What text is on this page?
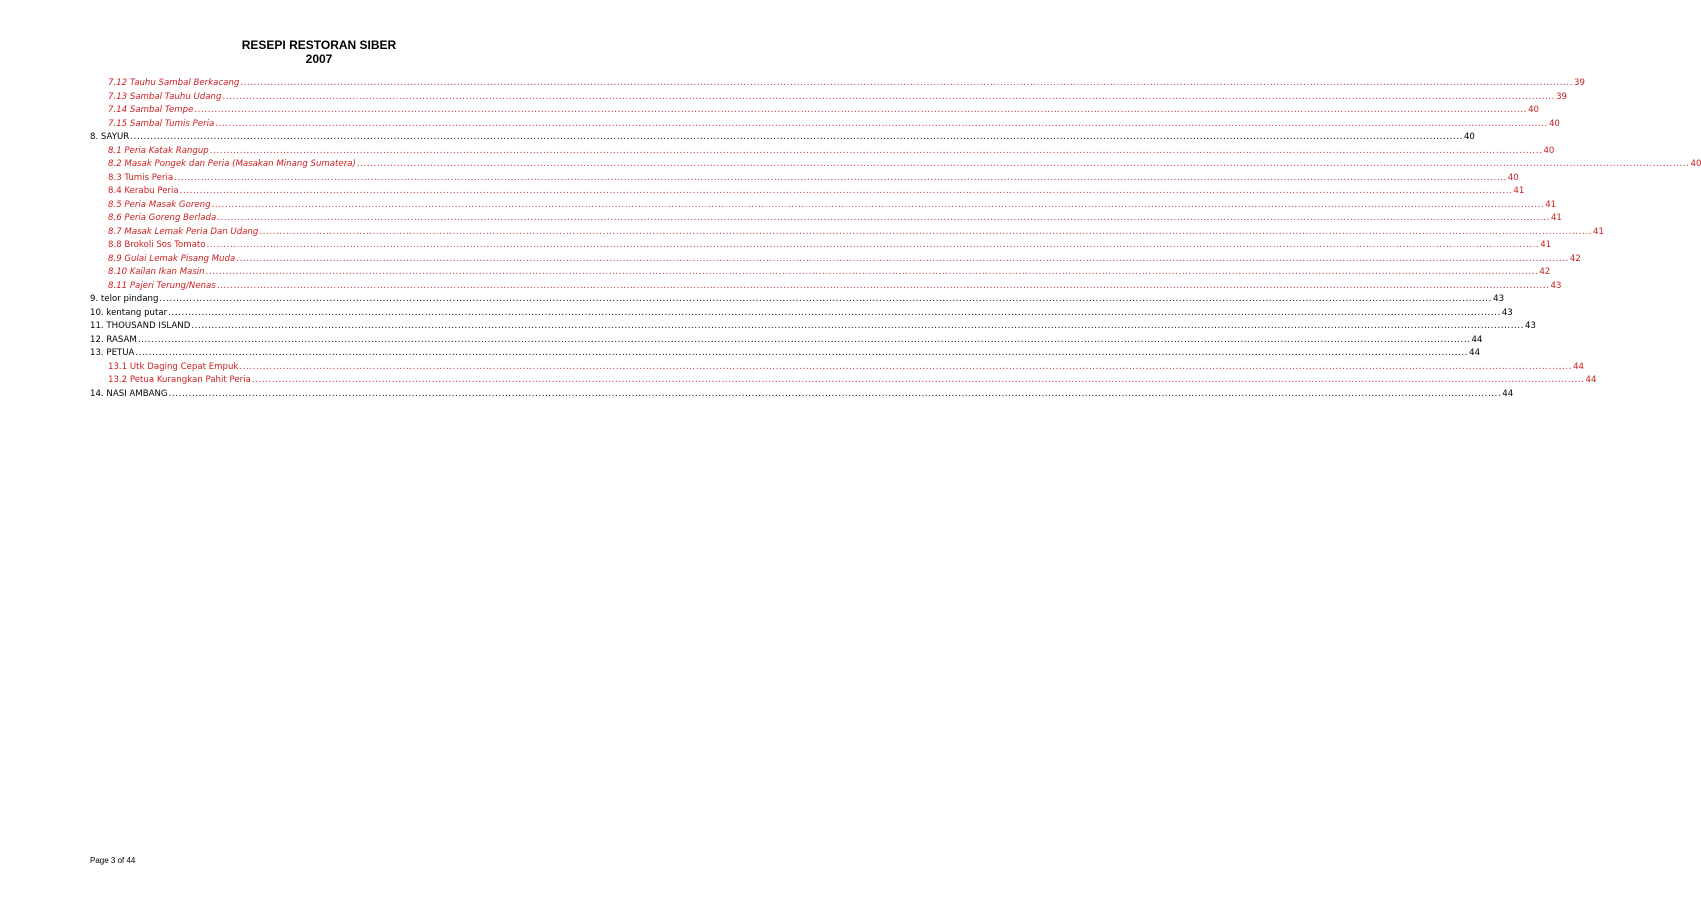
RESEPI RESTORAN SIBER
2007
7.12 Tauhu Sambal Berkacang ................................................................................................................................................................................................................................................................................................................................................................................................................ 39
7.13 Sambal Tauhu Udang ................................................................................................................................................................................................................................................................................................................................................................................................................ 39
7.14 Sambal Tempe ................................................................................................................................................................................................................................................................................................................................................................................................................ 40
7.15 Sambal Tumis Peria ................................................................................................................................................................................................................................................................................................................................................................................................................ 40
8. SAYUR ................................................................................................................................................................................................................................................................................................................................................................................................................ 40
8.1 Peria Katak Rangup ................................................................................................................................................................................................................................................................................................................................................................................................................ 40
8.2 Masak Pongek dan Peria (Masakan Minang Sumatera) ................................................................................................................................................................................................................................................................................................................................................................................................................ 40
8.3 Tumis Peria ................................................................................................................................................................................................................................................................................................................................................................................................................ 40
8.4 Kerabu Peria ................................................................................................................................................................................................................................................................................................................................................................................................................ 41
8.5 Peria Masak Goreng ................................................................................................................................................................................................................................................................................................................................................................................................................ 41
8.6 Peria Goreng Berlada ................................................................................................................................................................................................................................................................................................................................................................................................................ 41
8.7 Masak Lemak Peria Dan Udang ................................................................................................................................................................................................................................................................................................................................................................................................................ 41
8.8 Brokoli Sos Tomato ................................................................................................................................................................................................................................................................................................................................................................................................................ 41
8.9 Gulai Lemak Pisang Muda ................................................................................................................................................................................................................................................................................................................................................................................................................ 42
8.10 Kailan Ikan Masin ................................................................................................................................................................................................................................................................................................................................................................................................................ 42
8.11 Pajeri Terung/Nenas ................................................................................................................................................................................................................................................................................................................................................................................................................ 43
9. telor pindang ................................................................................................................................................................................................................................................................................................................................................................................................................ 43
10. kentang putar ................................................................................................................................................................................................................................................................................................................................................................................................................ 43
11. THOUSAND ISLAND ................................................................................................................................................................................................................................................................................................................................................................................................................ 43
12. RASAM ................................................................................................................................................................................................................................................................................................................................................................................................................ 44
13. PETUA ................................................................................................................................................................................................................................................................................................................................................................................................................ 44
13.1 Utk Daging Cepat Empuk ................................................................................................................................................................................................................................................................................................................................................................................................................ 44
13.2 Petua Kurangkan Pahit Peria ................................................................................................................................................................................................................................................................................................................................................................................................................ 44
14. NASI AMBANG ................................................................................................................................................................................................................................................................................................................................................................................................................ 44
Page 3 of 44
